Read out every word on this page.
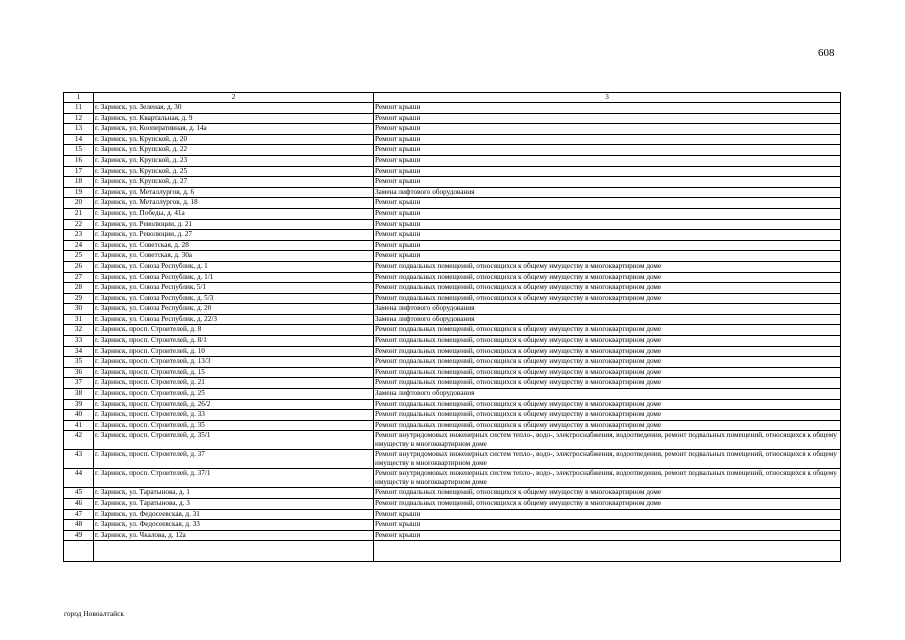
608
1	2	3
11	г. Заринск, ул. Зеленая, д. 30	Ремонт крыши
12	г. Заринск, ул. Квартальная, д. 9	Ремонт крыши
13	г. Заринск, ул. Кооперативная, д. 14а	Ремонт крыши
14	г. Заринск, ул. Крупской, д. 20	Ремонт крыши
15	г. Заринск, ул. Крупской, д. 22	Ремонт крыши
16	г. Заринск, ул. Крупской, д. 23	Ремонт крыши
17	г. Заринск, ул. Крупской, д. 25	Ремонт крыши
18	г. Заринск, ул. Крупской, д. 27	Ремонт крыши
19	г. Заринск, ул. Металлургов, д. 6	Замена лифтового оборудования
20	г. Заринск, ул. Металлургов, д. 18	Ремонт крыши
21	г. Заринск, ул. Победы, д. 41а	Ремонт крыши
22	г. Заринск, ул. Революции, д. 21	Ремонт крыши
23	г. Заринск, ул. Революции, д. 27	Ремонт крыши
24	г. Заринск, ул. Советская, д. 28	Ремонт крыши
25	г. Заринск, ул. Советская, д. 30а	Ремонт крыши
26	г. Заринск, ул. Союза Республик, д. 1	Ремонт подвальных помещений, относящихся к общему имуществу в многоквартирном доме
27	г. Заринск, ул. Союза Республик, д. 1/1	Ремонт подвальных помещений, относящихся к общему имуществу в многоквартирном доме
28	г. Заринск, ул. Союза Республик, 5/1	Ремонт подвальных помещений, относящихся к общему имуществу в многоквартирном доме
29	г. Заринск, ул. Союза Республик, д. 5/3	Ремонт подвальных помещений, относящихся к общему имуществу в многоквартирном доме
30	г. Заринск, ул. Союза Республик, д. 20	Замена лифтового оборудования
31	г. Заринск, ул. Союза Республик, д. 22/3	Замена лифтового оборудования
32	г. Заринск, просп. Строителей, д. 8	Ремонт подвальных помещений, относящихся к общему имуществу в многоквартирном доме
33	г. Заринск, просп. Строителей, д. 8/1	Ремонт подвальных помещений, относящихся к общему имуществу в многоквартирном доме
34	г. Заринск, просп. Строителей, д. 10	Ремонт подвальных помещений, относящихся к общему имуществу в многоквартирном доме
35	г. Заринск, просп. Строителей, д. 13/3	Ремонт подвальных помещений, относящихся к общему имуществу в многоквартирном доме
36	г. Заринск, просп. Строителей, д. 15	Ремонт подвальных помещений, относящихся к общему имуществу в многоквартирном доме
37	г. Заринск, просп. Строителей, д. 21	Ремонт подвальных помещений, относящихся к общему имуществу в многоквартирном доме
38	г. Заринск, просп. Строителей, д. 25	Замена лифтового оборудования
39	г. Заринск, просп. Строителей, д. 26/2	Ремонт подвальных помещений, относящихся к общему имуществу в многоквартирном доме
40	г. Заринск, просп. Строителей, д. 33	Ремонт подвальных помещений, относящихся к общему имуществу в многоквартирном доме
41	г. Заринск, просп. Строителей, д. 35	Ремонт подвальных помещений, относящихся к общему имуществу в многоквартирном доме
42	г. Заринск, просп. Строителей, д. 35/1	Ремонт внутридомовых инженерных систем тепло-, водо-, электроснабжения, водоотведения, ремонт подвальных помещений, относящихся к общему имуществу в многоквартирном доме
43	г. Заринск, просп. Строителей, д. 37	Ремонт внутридомовых инженерных систем тепло-, водо-, электроснабжения, водоотведения, ремонт подвальных помещений, относящихся к общему имуществу в многоквартирном доме
44	г. Заринск, просп. Строителей, д. 37/1	Ремонт внутридомовых инженерных систем тепло-, водо-, электроснабжения, водоотведения, ремонт подвальных помещений, относящихся к общему имуществу в многоквартирном доме
45	г. Заринск, ул. Таратынова, д. 1	Ремонт подвальных помещений, относящихся к общему имуществу в многоквартирном доме
46	г. Заринск, ул. Таратынова, д. 3	Ремонт подвальных помещений, относящихся к общему имуществу в многоквартирном доме
47	г. Заринск, ул. Федосеевская, д. 31	Ремонт крыши
48	г. Заринск, ул. Федосеевская, д. 33	Ремонт крыши
49	г. Заринск, ул. Чкалова, д. 12а	Ремонт крыши

город Новоалтайск
